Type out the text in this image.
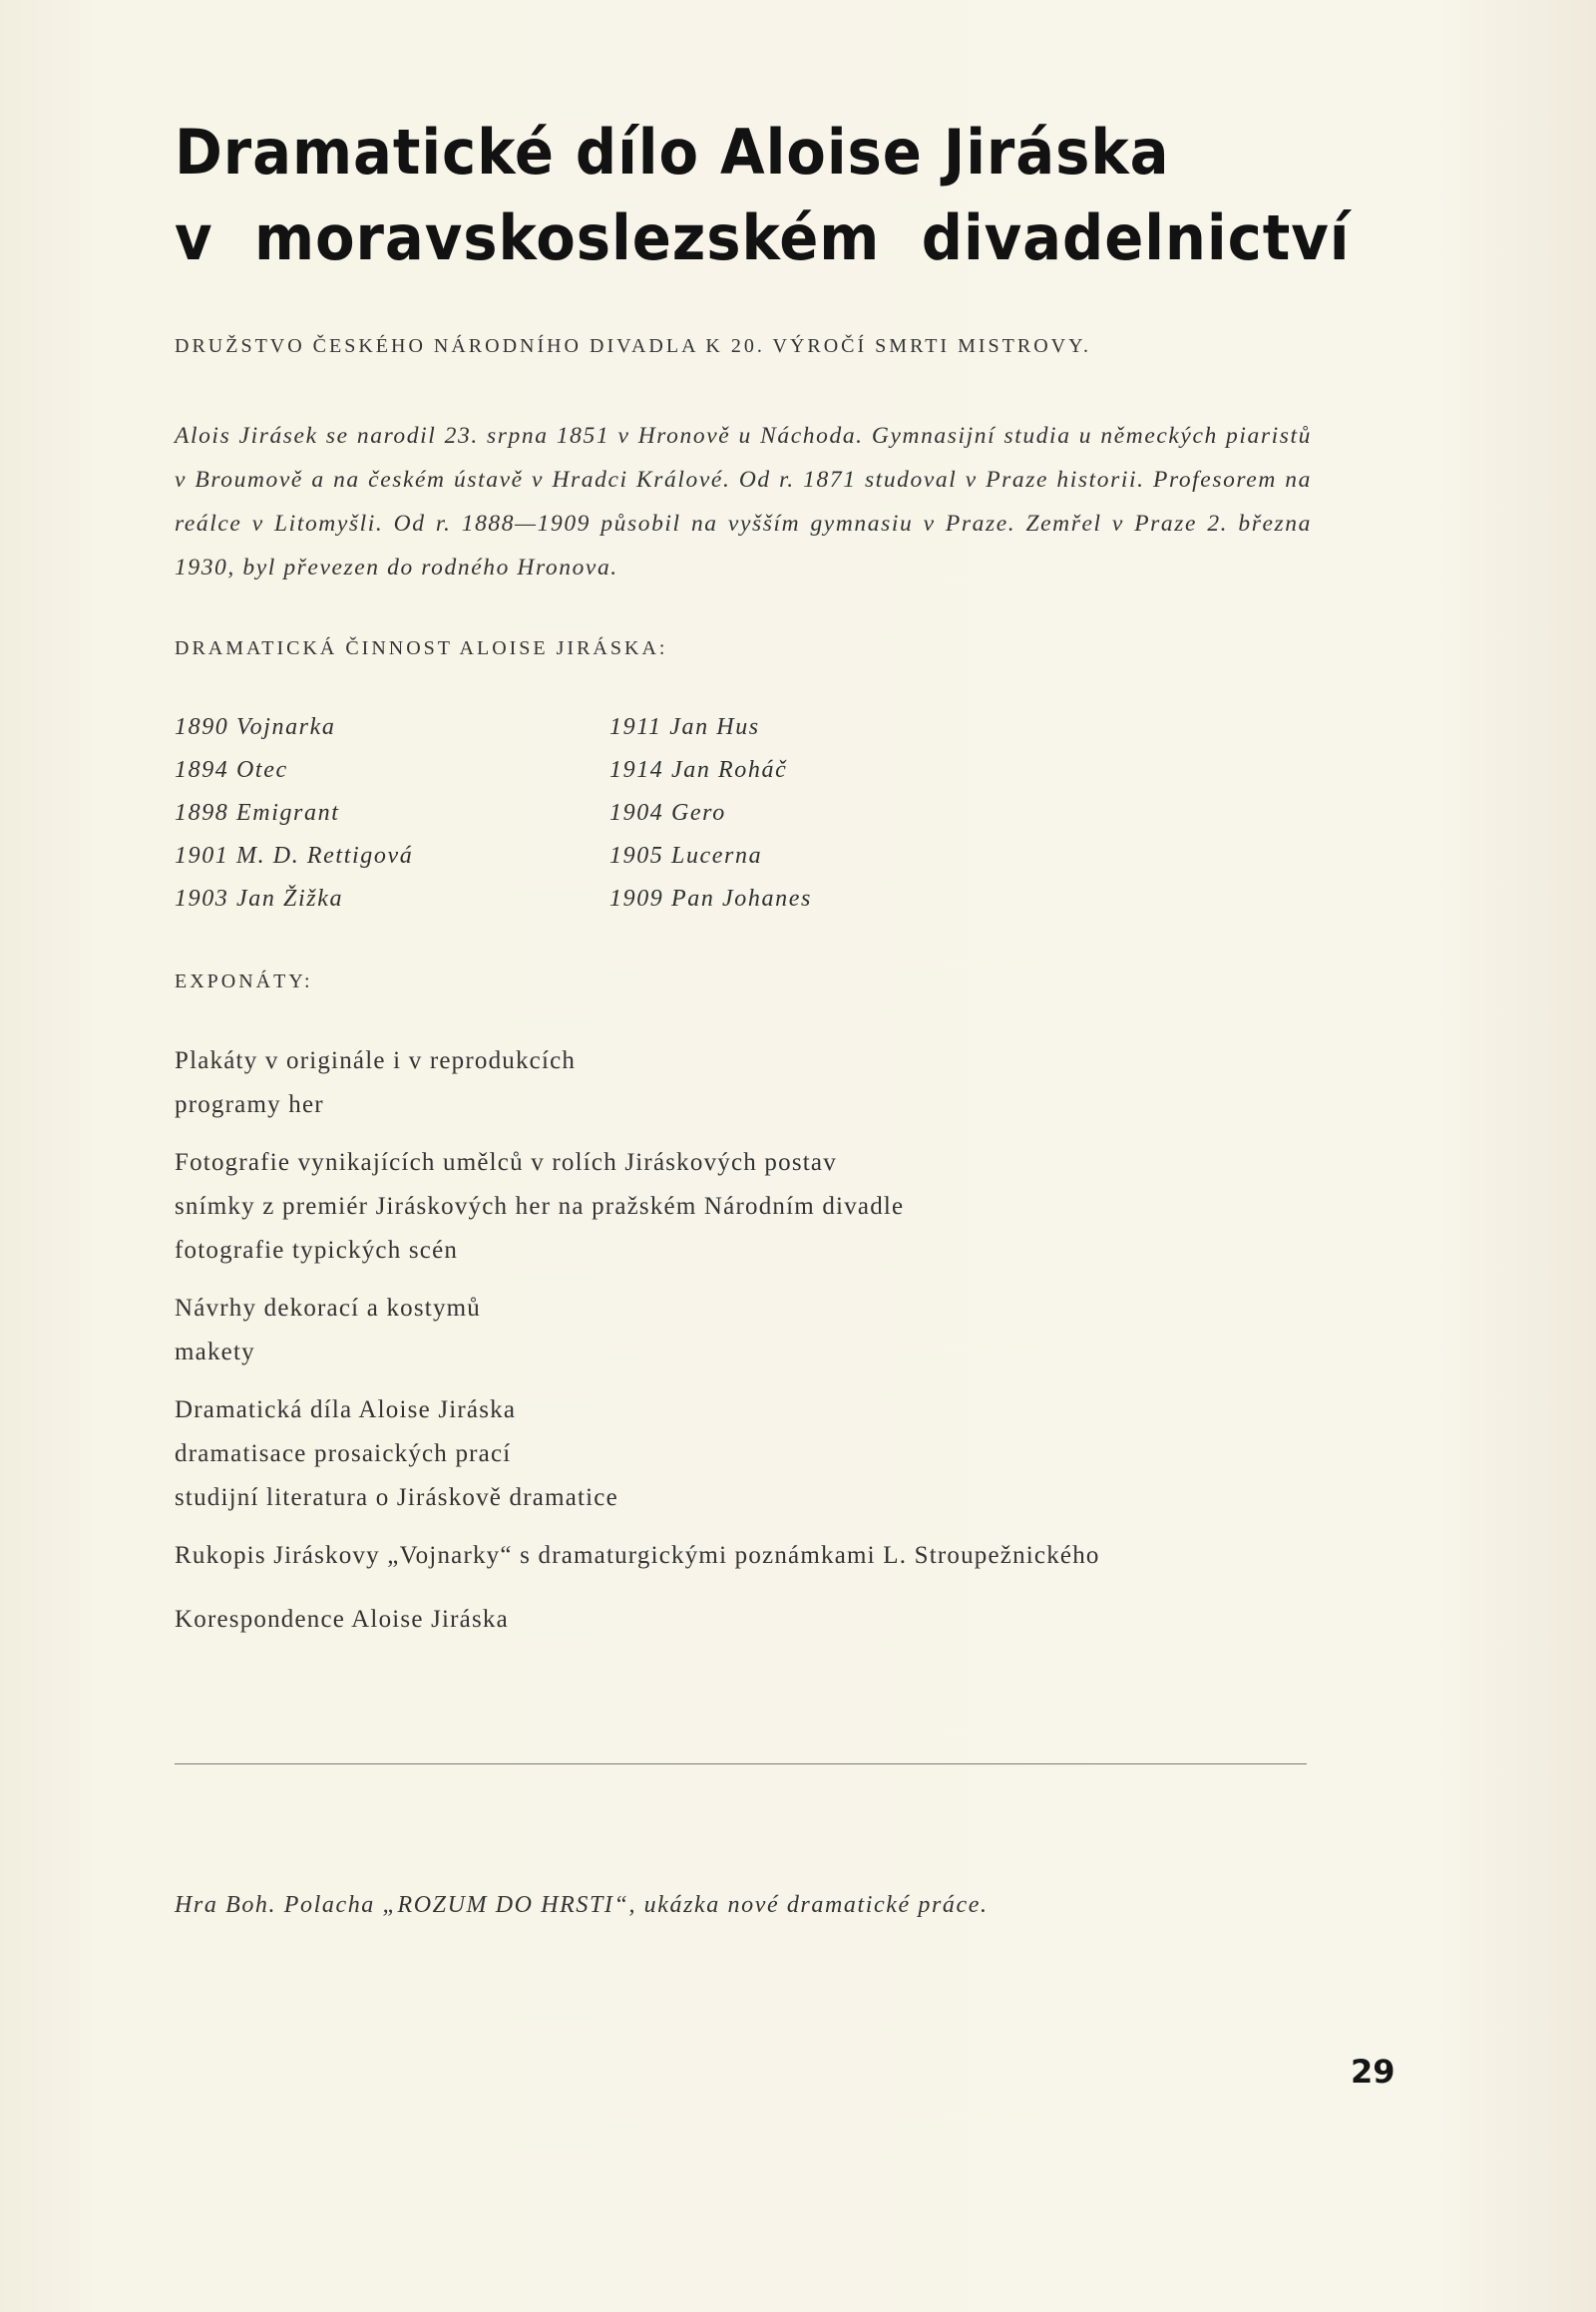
Dramatické dílo Aloise Jiráska
v moravskoslezském divadelnictví
DRUŽSTVO ČESKÉHO NÁRODNÍHO DIVADLA K 20. VÝROČÍ SMRTI MISTROVY.

Alois Jirásek se narodil 23. srpna 1851 v Hronově u Náchoda. Gymnasijní studia u německých piaristů v Broumově a na českém ústavě v Hradci Králové. Od r. 1871 studoval v Praze historii. Profesorem na reálce v Litomyšli. Od r. 1888—1909 působil na vyšším gymnasiu v Praze. Zemřel v Praze 2. března 1930, byl převezen do rodného Hronova.

DRAMATICKÁ ČINNOST ALOISE JIRÁSKA:
1890 Vojnarka	1911 Jan Hus
1894 Otec	1914 Jan Roháč
1898 Emigrant	1904 Gero
1901 M. D. Rettigová	1905 Lucerna
1903 Jan Žižka	1909 Pan Johanes
EXPONÁTY:
Plakáty v originále i v reprodukcích
programy her
Fotografie vynikajících umělců v rolích Jiráskových postav
snímky z premiér Jiráskových her na pražském Národním divadle
fotografie typických scén
Návrhy dekorací a kostymů
makety
Dramatická díla Aloise Jiráska
dramatisace prosaických prací
studijní literatura o Jiráskově dramatice
Rukopis Jiráskovy „Vojnarky“ s dramaturgickými poznámkami L. Stroupežnického
Korespondence Aloise Jiráska
Hra Boh. Polacha „ROZUM DO HRSTI“, ukázka nové dramatické práce.
29
